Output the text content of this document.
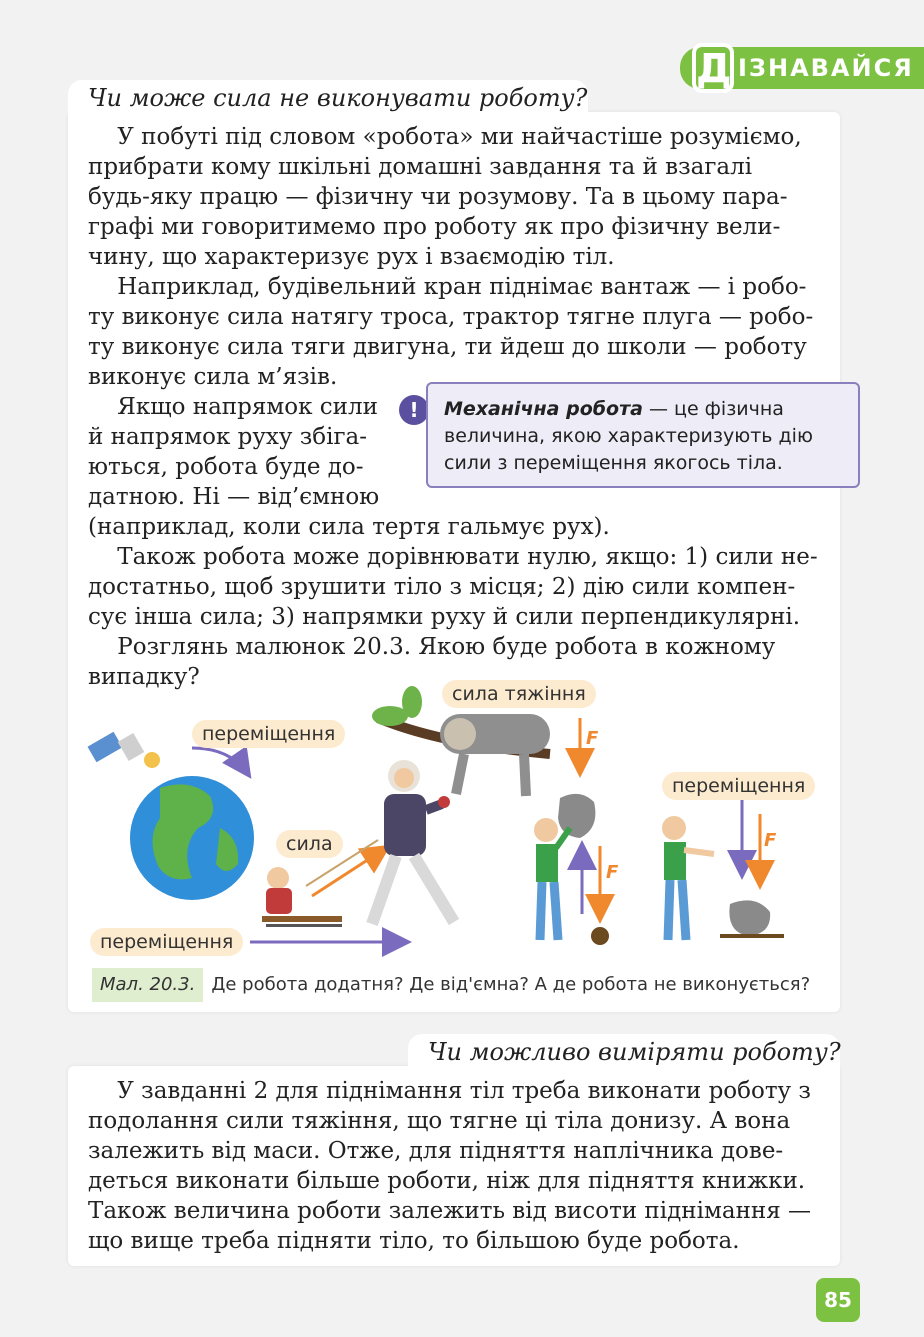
Д ІЗНАВАЙСЯ
Чи може сила не виконувати роботу?
У побуті під словом «робота» ми найчастіше розуміємо,
прибрати кому шкільні домашні завдання та й взагалі
будь-яку працю — фізичну чи розумову. Та в цьому пара-
графі ми говоритимемо про роботу як про фізичну вели-
чину, що характеризує рух і взаємодію тіл.
Наприклад, будівельний кран піднімає вантаж — і робо-
ту виконує сила натягу троса, трактор тягне плуга — робо-
ту виконує сила тяги двигуна, ти йдеш до школи — роботу
виконує сила м’язів.
Якщо напрямок сили
й напрямок руху збіга-
ються, робота буде до-
датною. Ні — від’ємною
!	Механічна робота — це фізична
величина, якою характеризують дію
сили з переміщення якогось тіла.
(наприклад, коли сила тертя гальмує рух).
Також робота може дорівнювати нулю, якщо: 1) сили не-
достатньо, щоб зрушити тіло з місця; 2) дію сили компен-
сує інша сила; 3) напрямки руху й сили перпендикулярні.
Розглянь малюнок 20.3. Якою буде робота в кожному
випадку?
F
F
F
переміщення
сила
переміщення
сила тяжіння
переміщення
Мал. 20.3. Де робота додатня? Де від'ємна? А де робота не виконується?
Чи можливо виміряти роботу?
У завданні 2 для піднімання тіл треба виконати роботу з
подолання сили тяжіння, що тягне ці тіла донизу. А вона
залежить від маси. Отже, для підняття наплічника дове-
деться виконати більше роботи, ніж для підняття книжки.
Також величина роботи залежить від висоти піднімання —
що вище треба підняти тіло, то більшою буде робота.
85
